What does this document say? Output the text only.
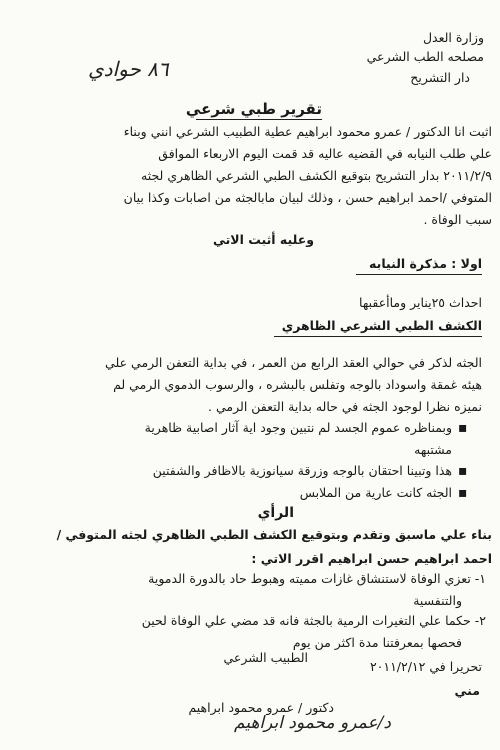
٨٦ حوادي
وزارة العدل
مصلحه الطب الشرعي
دار التشريح
تقرير طبي شرعي
اثبت انا الدكتور / عمرو محمود ابراهيم عطية الطبيب الشرعي انني وبناء
علي طلب النيابه في القضيه عاليه قد قمت اليوم الاربعاء الموافق
٢٠١١/٢/٩ بدار التشريح بتوقيع الكشف الطبي الشرعي الظاهري لجثه
المتوفي /احمد ابراهيم حسن ، وذلك لبيان مابالجثه من اصابات وكذا بيان
سبب الوفاة .
وعليه أثبت الاتي
اولا : مذكرة النيابه
احداث ٢٥يناير وماأعقبها
الكشف الطبي الشرعي الظاهري
الجثه لذكر في حوالي العقد الرابع من العمر ، في بداية التعفن الرمي علي
هيئه غمقة واسوداد بالوجه وتفلس بالبشره ، والرسوب الدموي الرمي لم
نميزه نظرا لوجود الجثه في حاله بداية التعفن الرمي .
▪
وبمناظره عموم الجسد لم نتبين وجود اية آثار اصابية ظاهرية
مشتبهه
▪
هذا وتبينا احتقان بالوجه وزرقة سيانوزية بالاظافر والشفتين
▪
الجثه كانت عارية من الملابس
الرأي
بناء علي ماسبق وتقدم وبتوقيع الكشف الطبي الظاهري لجثه المتوفي /
احمد ابراهيم حسن ابراهيم اقرر الاتي :
١- تعزي الوفاة لاستنشاق غازات مميته وهبوط حاد بالدورة الدموية
والتنفسية
٢- حكما علي التغيرات الرمية بالجثة فانه قد مضي علي الوفاة لحين
فحصها بمعرفتنا مدة اكثر من يوم
تحريرا في ٢٠١١/٢/١٢
الطبيب الشرعي
مني
دكتور / عمرو محمود ابراهيم
د/عمرو محمود ابراهيم
